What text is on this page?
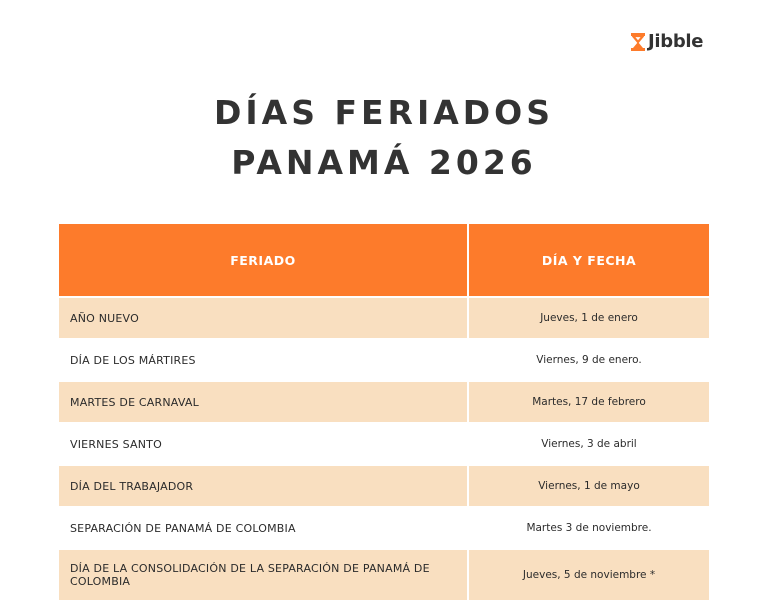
Jibble
DÍAS FERIADOS
PANAMÁ 2026
FERIADO	DÍA Y FECHA
AÑO NUEVO	Jueves, 1 de enero
DÍA DE LOS MÁRTIRES	Viernes, 9 de enero.
MARTES DE CARNAVAL	Martes, 17 de febrero
VIERNES SANTO	Viernes, 3 de abril
DÍA DEL TRABAJADOR	Viernes, 1 de mayo
SEPARACIÓN DE PANAMÁ DE COLOMBIA	Martes 3 de noviembre.
DÍA DE LA CONSOLIDACIÓN DE LA SEPARACIÓN DE PANAMÁ DE COLOMBIA	Jueves, 5 de noviembre *
